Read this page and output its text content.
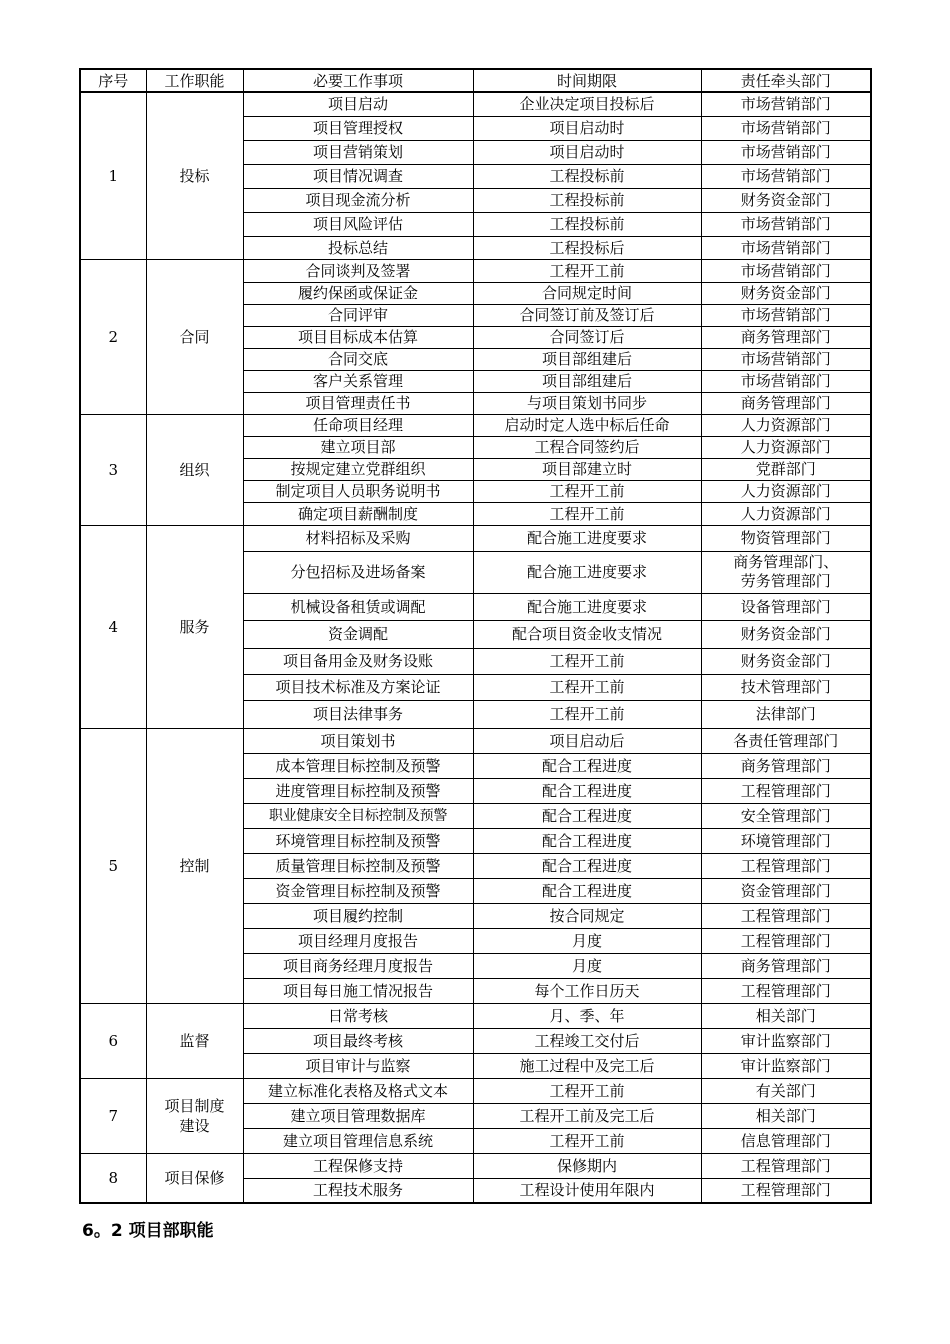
序号	工作职能	必要工作事项	时间期限	责任牵头部门
1	投标	项目启动	企业决定项目投标后	市场营销部门
		项目管理授权	项目启动时	市场营销部门
		项目营销策划	项目启动时	市场营销部门
		项目情况调查	工程投标前	市场营销部门
		项目现金流分析	工程投标前	财务资金部门
		项目风险评估	工程投标前	市场营销部门
		投标总结	工程投标后	市场营销部门
2	合同	合同谈判及签署	工程开工前	市场营销部门
		履约保函或保证金	合同规定时间	财务资金部门
		合同评审	合同签订前及签订后	市场营销部门
		项目目标成本估算	合同签订后	商务管理部门
		合同交底	项目部组建后	市场营销部门
		客户关系管理	项目部组建后	市场营销部门
		项目管理责任书	与项目策划书同步	商务管理部门
3	组织	任命项目经理	启动时定人选中标后任命	人力资源部门
		建立项目部	工程合同签约后	人力资源部门
		按规定建立党群组织	项目部建立时	党群部门
		制定项目人员职务说明书	工程开工前	人力资源部门
		确定项目薪酬制度	工程开工前	人力资源部门
4	服务	材料招标及采购	配合施工进度要求	物资管理部门
		分包招标及进场备案	配合施工进度要求	商务管理部门、劳务管理部门
		机械设备租赁或调配	配合施工进度要求	设备管理部门
		资金调配	配合项目资金收支情况	财务资金部门
		项目备用金及财务设账	工程开工前	财务资金部门
		项目技术标准及方案论证	工程开工前	技术管理部门
		项目法律事务	工程开工前	法律部门
5	控制	项目策划书	项目启动后	各责任管理部门
		成本管理目标控制及预警	配合工程进度	商务管理部门
		进度管理目标控制及预警	配合工程进度	工程管理部门
		职业健康安全目标控制及预警	配合工程进度	安全管理部门
		环境管理目标控制及预警	配合工程进度	环境管理部门
		质量管理目标控制及预警	配合工程进度	工程管理部门
		资金管理目标控制及预警	配合工程进度	资金管理部门
		项目履约控制	按合同规定	工程管理部门
		项目经理月度报告	月度	工程管理部门
		项目商务经理月度报告	月度	商务管理部门
		项目每日施工情况报告	每个工作日历天	工程管理部门
6	监督	日常考核	月、季、年	相关部门
		项目最终考核	工程竣工交付后	审计监察部门
		项目审计与监察	施工过程中及完工后	审计监察部门
7	项目制度建设	建立标准化表格及格式文本	工程开工前	有关部门
		建立项目管理数据库	工程开工前及完工后	相关部门
		建立项目管理信息系统	工程开工前	信息管理部门
8	项目保修	工程保修支持	保修期内	工程管理部门
		工程技术服务	工程设计使用年限内	工程管理部门
6。2 项目部职能
